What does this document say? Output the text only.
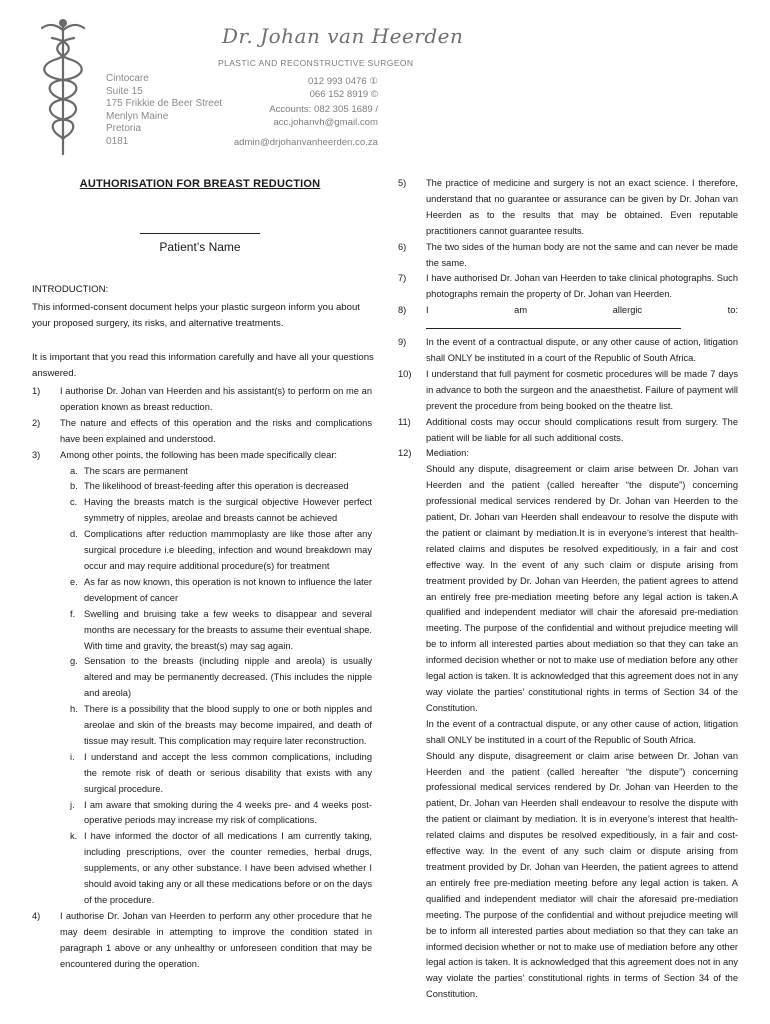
Cintocare
Suite 15
175 Frikkie de Beer Street
Menlyn Maine
Pretoria
0181
Dr. Johan van Heerden
PLASTIC AND RECONSTRUCTIVE SURGEON
012 993 0476 ①
066 152 8919 ©
Accounts: 082 305 1689 /
acc.johanvh@gmail.com
admin@drjohanvanheerden.co.za
AUTHORISATION FOR BREAST REDUCTION
Patient’s Name
INTRODUCTION:
This informed-consent document helps your plastic surgeon inform you about your proposed surgery, its risks, and alternative treatments.
It is important that you read this information carefully and have all your questions answered.
1) I authorise Dr. Johan van Heerden and his assistant(s) to perform on me an operation known as breast reduction.
2) The nature and effects of this operation and the risks and complications have been explained and understood.
3) Among other points, the following has been made specifically clear:
a. The scars are permanent
b. The likelihood of breast-feeding after this operation is decreased
c. Having the breasts match is the surgical objective However perfect symmetry of nipples, areolae and breasts cannot be achieved
d. Complications after reduction mammoplasty are like those after any surgical procedure i.e bleeding, infection and wound breakdown may occur and may require additional procedure(s) for treatment
e. As far as now known, this operation is not known to influence the later development of cancer
f. Swelling and bruising take a few weeks to disappear and several months are necessary for the breasts to assume their eventual shape. With time and gravity, the breast(s) may sag again.
g. Sensation to the breasts (including nipple and areola) is usually altered and may be permanently decreased. (This includes the nipple and areola)
h. There is a possibility that the blood supply to one or both nipples and areolae and skin of the breasts may become impaired, and death of tissue may result. This complication may require later reconstruction.
i. I understand and accept the less common complications, including the remote risk of death or serious disability that exists with any surgical procedure.
j. I am aware that smoking during the 4 weeks pre- and 4 weeks post-operative periods may increase my risk of complications.
k. I have informed the doctor of all medications I am currently taking, including prescriptions, over the counter remedies, herbal drugs, supplements, or any other substance. I have been advised whether I should avoid taking any or all these medications before or on the days of the procedure.
4) I authorise Dr. Johan van Heerden to perform any other procedure that he may deem desirable in attempting to improve the condition stated in paragraph 1 above or any unhealthy or unforeseen condition that may be encountered during the operation.
5) The practice of medicine and surgery is not an exact science. I therefore, understand that no guarantee or assurance can be given by Dr. Johan van Heerden as to the results that may be obtained. Even reputable practitioners cannot guarantee results.
6) The two sides of the human body are not the same and can never be made the same.
7) I have authorised Dr. Johan van Heerden to take clinical photographs. Such photographs remain the property of Dr. Johan van Heerden.
8) I am allergic to:
9) In the event of a contractual dispute, or any other cause of action, litigation shall ONLY be instituted in a court of the Republic of South Africa.
10) I understand that full payment for cosmetic procedures will be made 7 days in advance to both the surgeon and the anaesthetist. Failure of payment will prevent the procedure from being booked on the theatre list.
11) Additional costs may occur should complications result from surgery. The patient will be liable for all such additional costs.
12) Mediation:

Should any dispute, disagreement or claim arise between Dr. Johan van Heerden and the patient (called hereafter “the dispute”) concerning professional medical services rendered by Dr. Johan van Heerden to the patient, Dr. Johan van Heerden shall endeavour to resolve the dispute with the patient or claimant by mediation.It is in everyone’s interest that health-related claims and disputes be resolved expeditiously, in a fair and cost effective way. In the event of any such claim or dispute arising from treatment provided by Dr. Johan van Heerden, the patient agrees to attend an entirely free pre-mediation meeting before any legal action is taken.A qualified and independent mediator will chair the aforesaid pre-mediation meeting. The purpose of the confidential and without prejudice meeting will be to inform all interested parties about mediation so that they can take an informed decision whether or not to make use of mediation before any other legal action is taken. It is acknowledged that this agreement does not in any way violate the parties’ constitutional rights in terms of Section 34 of the Constitution.

In the event of a contractual dispute, or any other cause of action, litigation shall ONLY be instituted in a court of the Republic of South Africa.

Should any dispute, disagreement or claim arise between Dr. Johan van Heerden and the patient (called hereafter “the dispute”) concerning professional medical services rendered by Dr. Johan van Heerden to the patient, Dr. Johan van Heerden shall endeavour to resolve the dispute with the patient or claimant by mediation. It is in everyone’s interest that health-related claims and disputes be resolved expeditiously, in a fair and cost-effective way. In the event of any such claim or dispute arising from treatment provided by Dr. Johan van Heerden, the patient agrees to attend an entirely free pre-mediation meeting before any legal action is taken. A qualified and independent mediator will chair the aforesaid pre-mediation meeting. The purpose of the confidential and without prejudice meeting will be to inform all interested parties about mediation so that they can take an informed decision whether or not to make use of mediation before any other legal action is taken. It is acknowledged that this agreement does not in any way violate the parties’ constitutional rights in terms of Section 34 of the Constitution.
